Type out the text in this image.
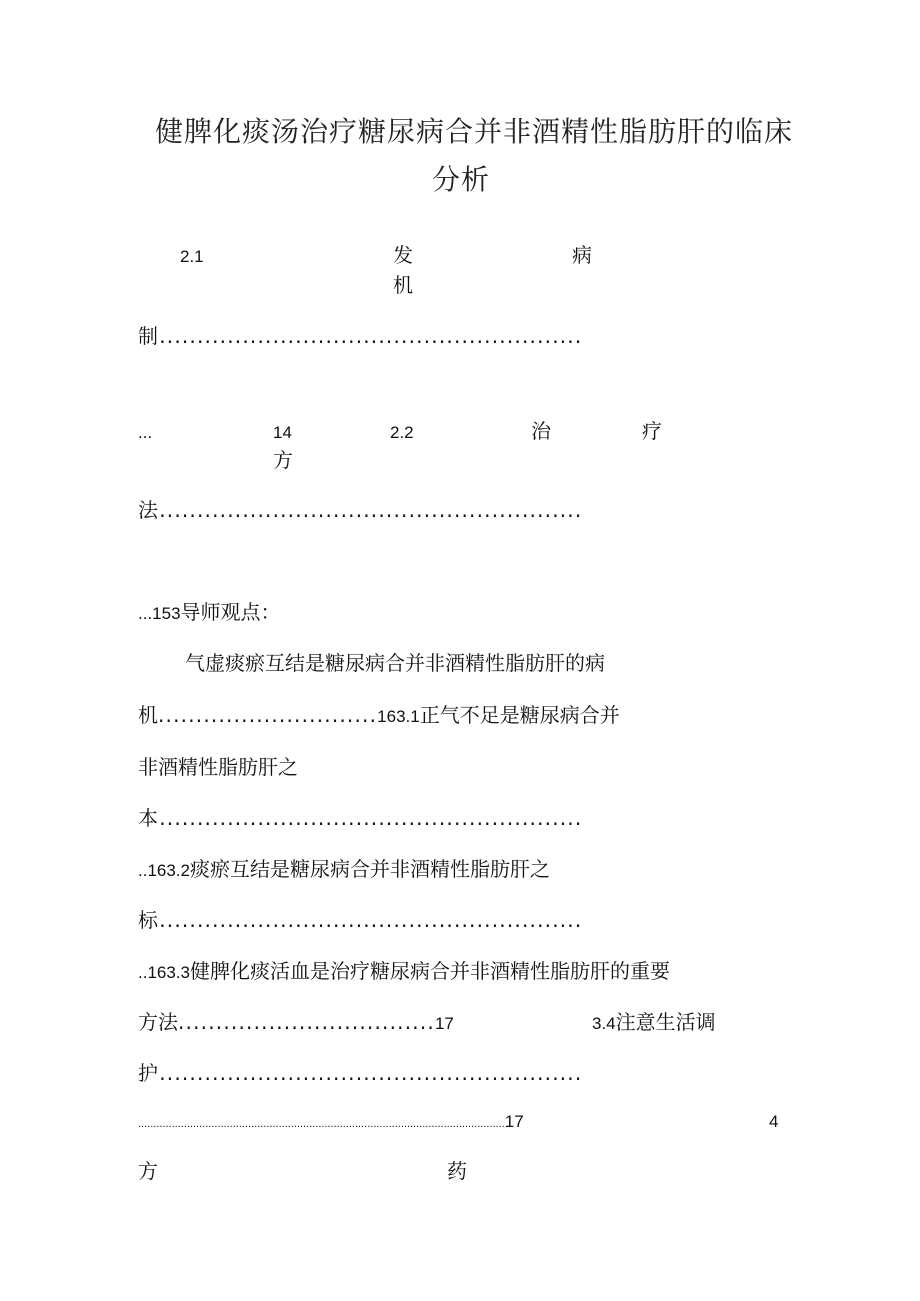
健脾化痰汤治疗糖尿病合并非酒精性脂肪肝的临床
分析
2.1	发	病
机
制........................................................
...	14	2.2	治	疗
方
法........................................................
...153导师观点：
气虚痰瘀互结是糖尿病合并非酒精性脂肪肝的病
机.............................163.1正气不足是糖尿病合并
非酒精性脂肪肝之
本........................................................
..163.2痰瘀互结是糖尿病合并非酒精性脂肪肝之
标........................................................
..163.3健脾化痰活血是治疗糖尿病合并非酒精性脂肪肝的重要
方法..................................17	3.4注意生活调
护........................................................
........................................................................................................................17	4
方	药
